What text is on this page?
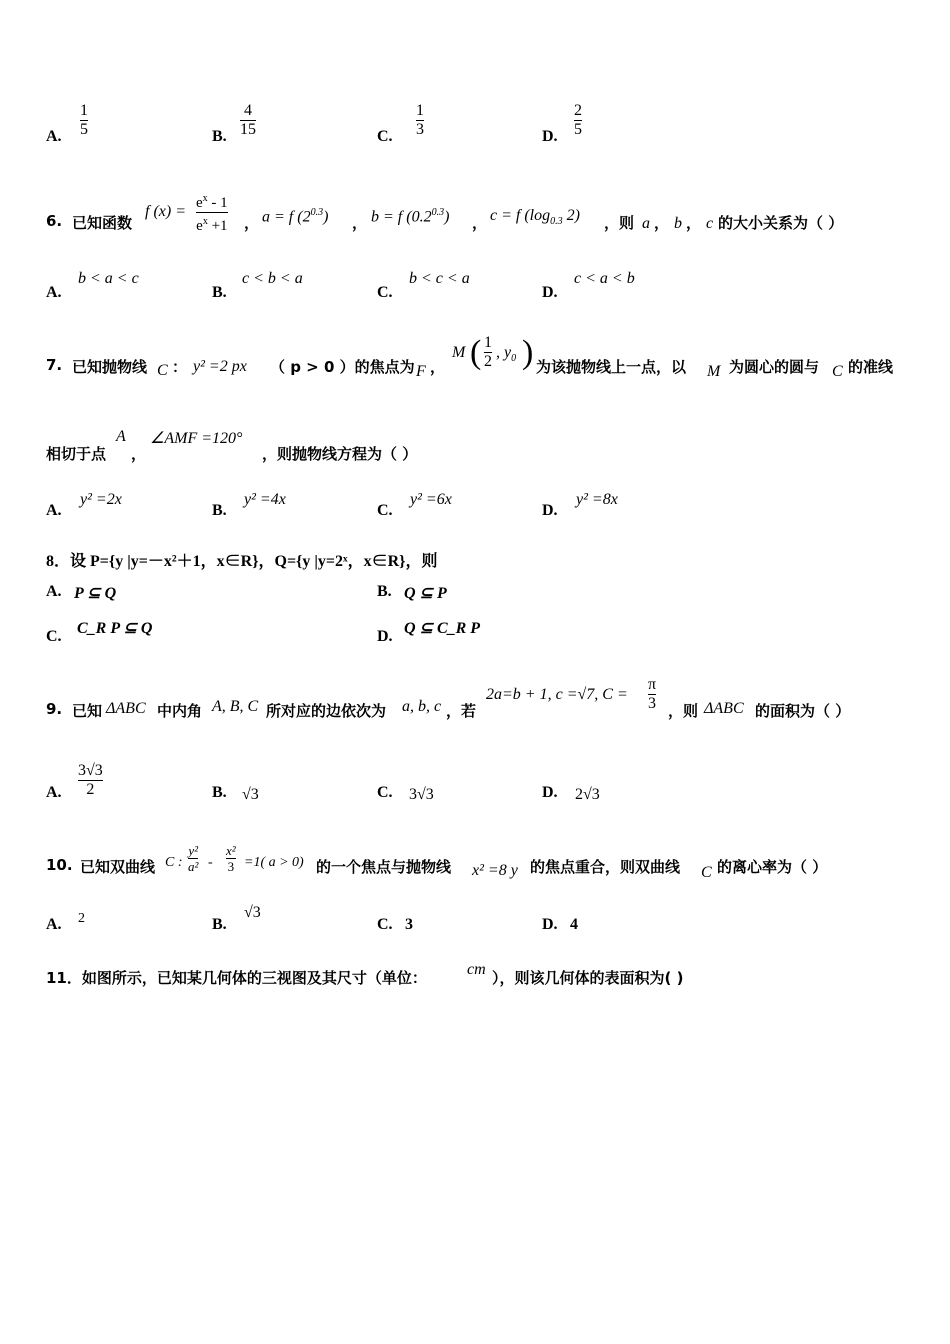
A.
1
5	B.
4
15	C.
1
3	D.
2
5
6. 已知函数
f $(x) = e^x - 1$
$e^x +1$ ， a = f $(2^{0.3})$ ， b = f $(0.2^{0.3})$ ， c = f ($\log_{0.3}$ 2) ，则 a ， b ， c 的大小关系为（ ）
A.
b < a < c
B.
c < b < a
C.
b < c < a
D.
c < a < b
7. 已知抛物线 C ： y² =2 px （ p > 0 ）的焦点为 F ，
M ( 1
2
, $y_0$ ) 为该抛物线上一点，以 M 为圆心的圆与 C 的准线
相切于点
A
，
∠AMF =120°
，则抛物线方程为（ ）
A.
y² =2x
B.
y² =4x
C.
y² =6x
D.
y² =8x
8．设 P={y |y=－x²＋1，x∈R}，Q={y |y=2ˣ，x∈R}，则
A. P ⊆ Q	B. Q ⊆ P
C. C_R P ⊆ Q	D. Q ⊆ C_R P
9. 已知 ΔABC 中内角 A, B, C 所对应的边依次为 a, b, c ，若
2a=b + 1, c =√7, C =
π
3 ，则 ΔABC 的面积为（ ）
A.
3√3
2	B. √3	C. 3√3	D. 2√3
10. 已知双曲线 C :
y²
a² -
x²
3 =1( a > 0) 的一个焦点与抛物线 x² =8 y 的焦点重合，则双曲线 C 的离心率为（ ）
A. 2	B.
√3
C. 3	D. 4
11．如图所示，已知某几何体的三视图及其尺寸（单位：	cm ），则该几何体的表面积为( )
